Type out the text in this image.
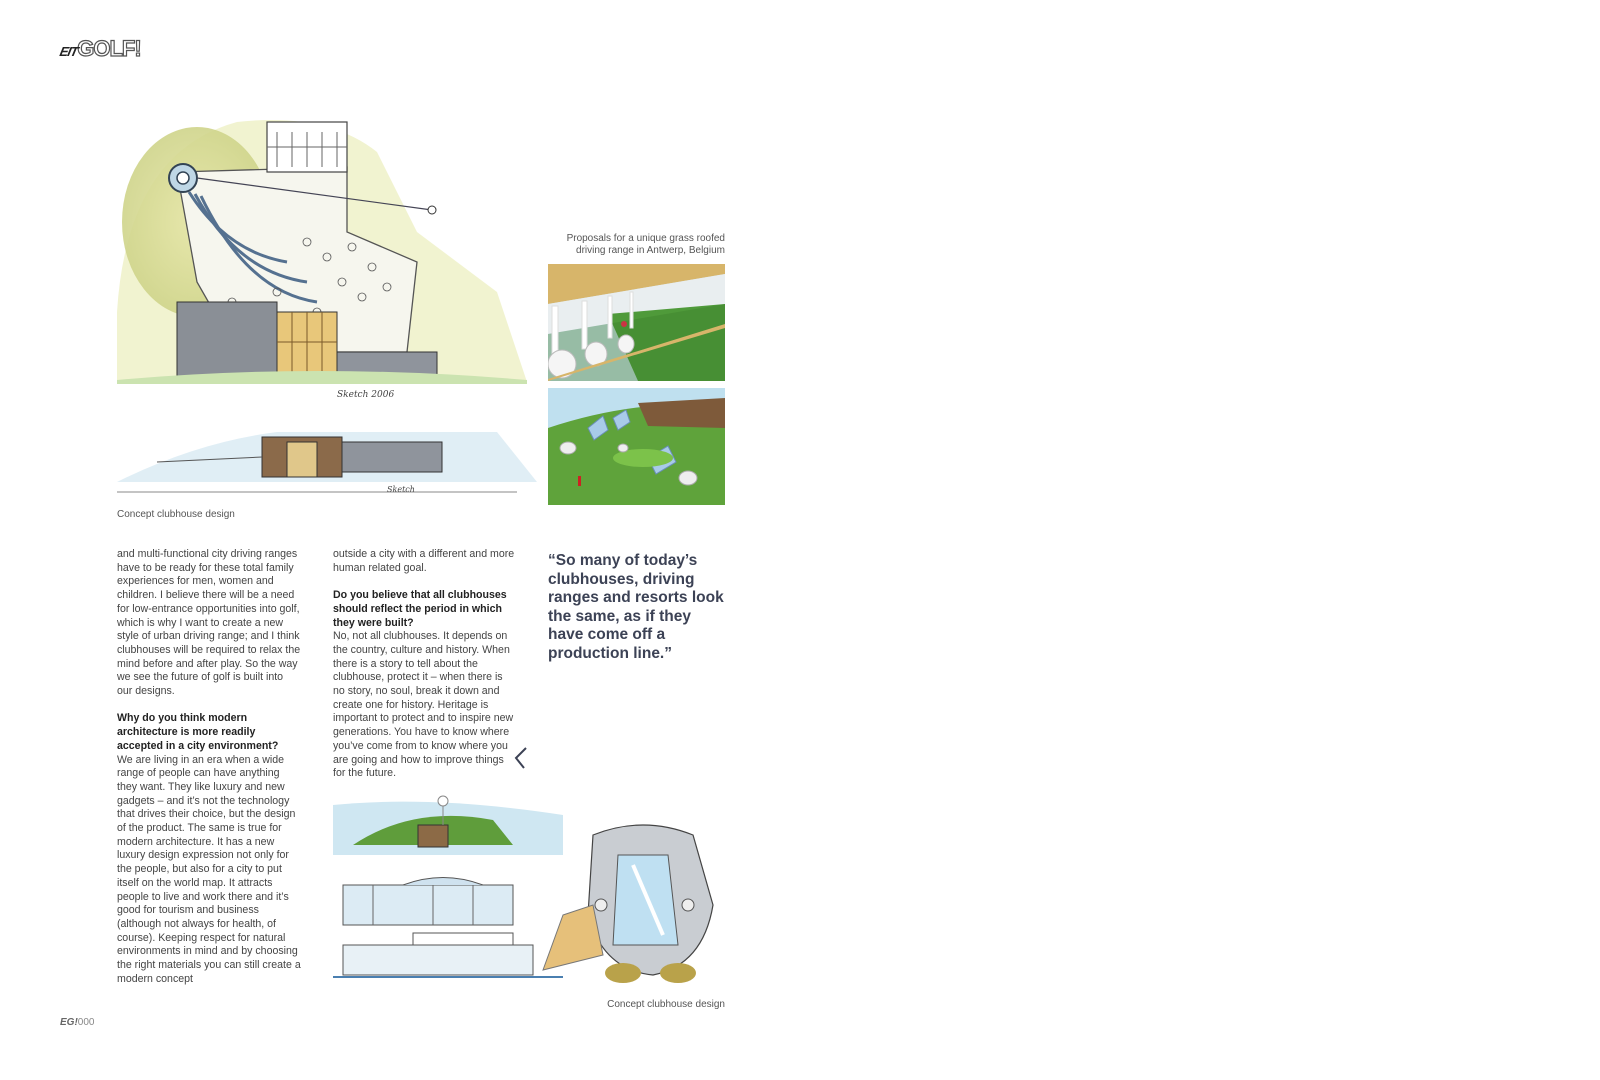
EITGOLF!
Sketch 2006
Sketch
Concept clubhouse design
Proposals for a unique grass roofed driving range in Antwerp, Belgium
“So many of today’s clubhouses, driving ranges and resorts look the same, as if they have come off a production line.”

and multi-functional city driving ranges have to be ready for these total family experiences for men, women and children. I believe there will be a need for low-entrance opportunities into golf, which is why I want to create a new style of urban driving range; and I think clubhouses will be required to relax the mind before and after play. So the way we see the future of golf is built into our designs.

Why do you think modern architecture is more readily accepted in a city environment?
We are living in an era when a wide range of people can have anything they want. They like luxury and new gadgets – and it’s not the technology that drives their choice, but the design of the product. The same is true for modern architecture. It has a new luxury design expression not only for the people, but also for a city to put itself on the world map. It attracts people to live and work there and it’s good for tourism and business (although not always for health, of course). Keeping respect for natural environments in mind and by choosing the right materials you can still create a modern concept

outside a city with a different and more human related goal.

Do you believe that all clubhouses should reflect the period in which they were built?
No, not all clubhouses. It depends on the country, culture and history. When there is a story to tell about the clubhouse, protect it – when there is no story, no soul, break it down and create one for history. Heritage is important to protect and to inspire new generations. You have to know where you’ve come from to know where you are going and how to improve things for the future.
Concept clubhouse design
EG!000
